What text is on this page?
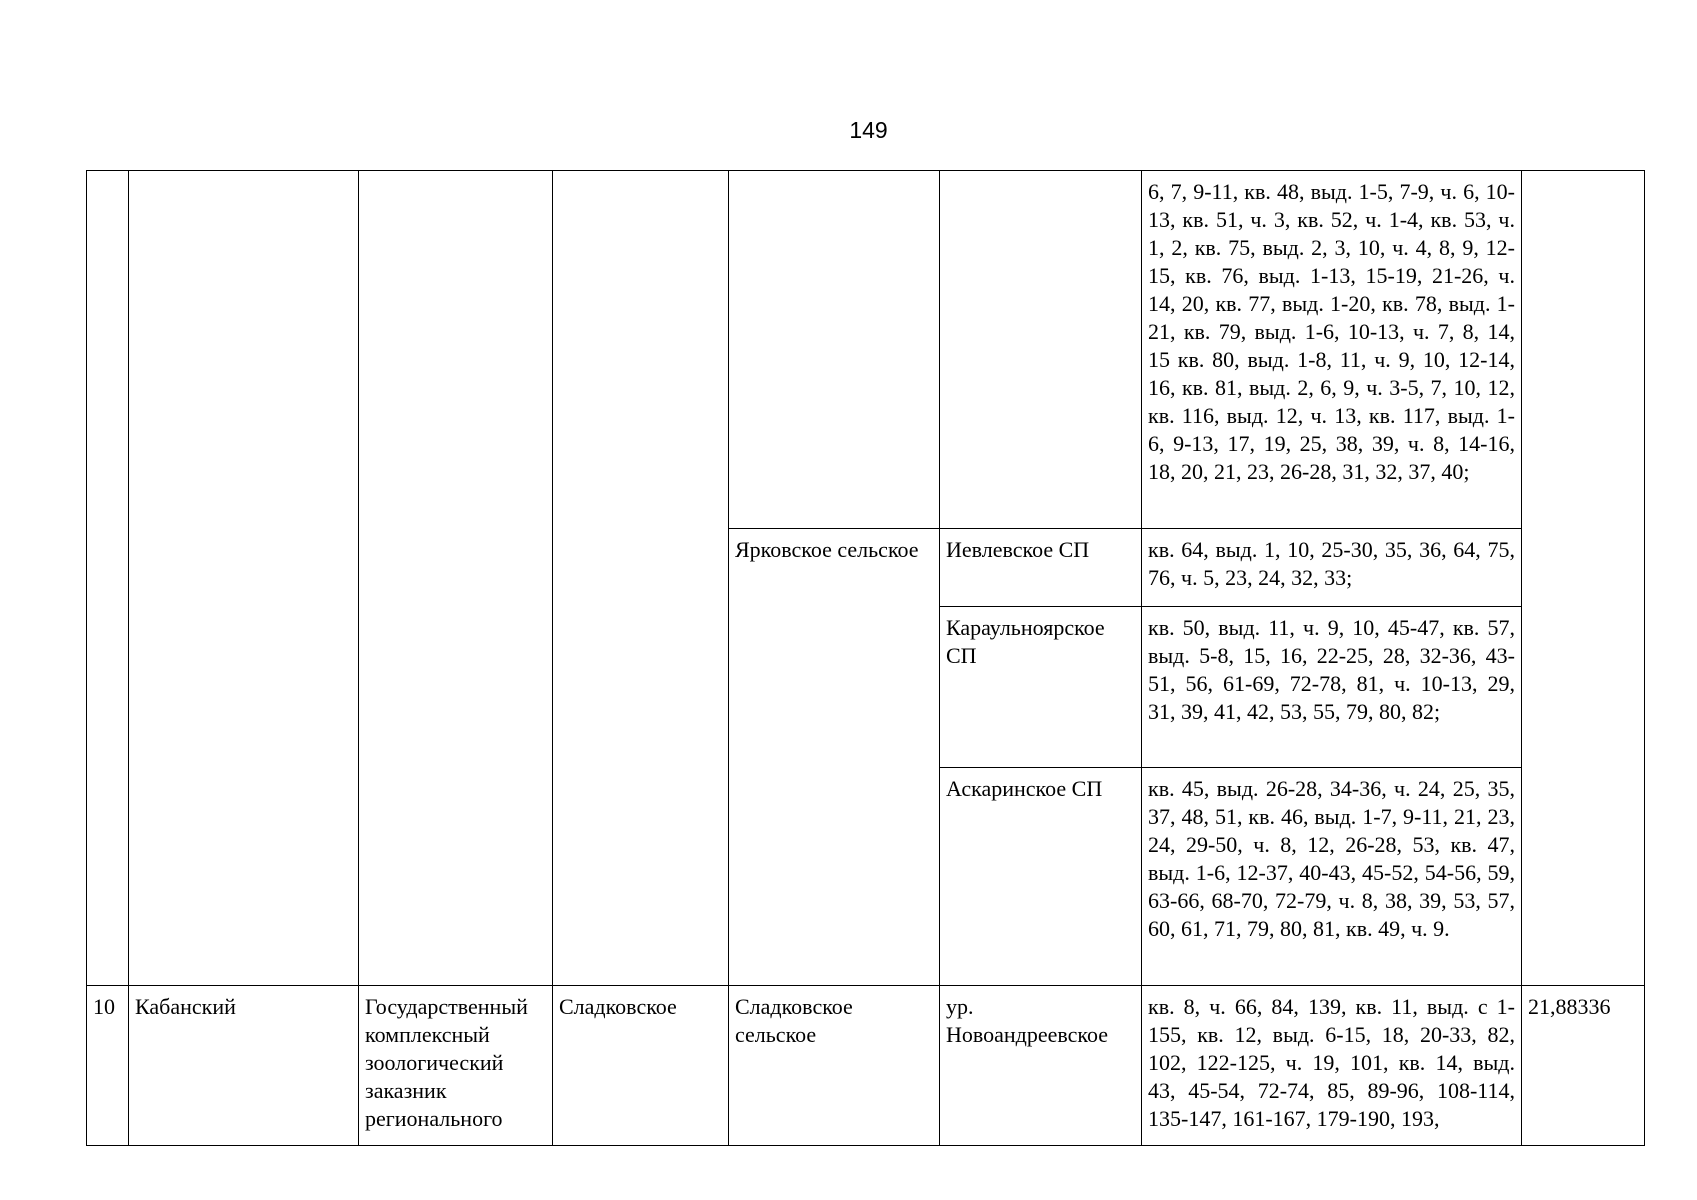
149
						6, 7, 9-11, кв. 48, выд. 1-5, 7-9, ч. 6, 10-13, кв. 51, ч. 3, кв. 52, ч. 1-4, кв. 53, ч. 1, 2, кв. 75, выд. 2, 3, 10, ч. 4, 8, 9, 12-15, кв. 76, выд. 1-13, 15-19, 21-26, ч. 14, 20, кв. 77, выд. 1-20, кв. 78, выд. 1-21, кв. 79, выд. 1-6, 10-13, ч. 7, 8, 14, 15 кв. 80, выд. 1-8, 11, ч. 9, 10, 12-14, 16, кв. 81, выд. 2, 6, 9, ч. 3-5, 7, 10, 12, кв. 116, выд. 12, ч. 13, кв. 117, выд. 1-6, 9-13, 17, 19, 25, 38, 39, ч. 8, 14-16, 18, 20, 21, 23, 26-28, 31, 32, 37, 40;	
				Ярковское сельское	Иевлевское СП	кв. 64, выд. 1, 10, 25-30, 35, 36, 64, 75, 76, ч. 5, 23, 24, 32, 33;	
					Караульноярское СП	кв. 50, выд. 11, ч. 9, 10, 45-47, кв. 57, выд. 5-8, 15, 16, 22-25, 28, 32-36, 43-51, 56, 61-69, 72-78, 81, ч. 10-13, 29, 31, 39, 41, 42, 53, 55, 79, 80, 82;	
					Аскаринское СП	кв. 45, выд. 26-28, 34-36, ч. 24, 25, 35, 37, 48, 51, кв. 46, выд. 1-7, 9-11, 21, 23, 24, 29-50, ч. 8, 12, 26-28, 53, кв. 47, выд. 1-6, 12-37, 40-43, 45-52, 54-56, 59, 63-66, 68-70, 72-79, ч. 8, 38, 39, 53, 57, 60, 61, 71, 79, 80, 81, кв. 49, ч. 9.	
10	Кабанский	Государственный комплексный зоологический заказник регионального	Сладковское	Сладковское сельское	ур. Новоандреевское	кв. 8, ч. 66, 84, 139, кв. 11, выд. с 1-155, кв. 12, выд. 6-15, 18, 20-33, 82, 102, 122-125, ч. 19, 101, кв. 14, выд. 43, 45-54, 72-74, 85, 89-96, 108-114, 135-147, 161-167, 179-190, 193,	21,88336
